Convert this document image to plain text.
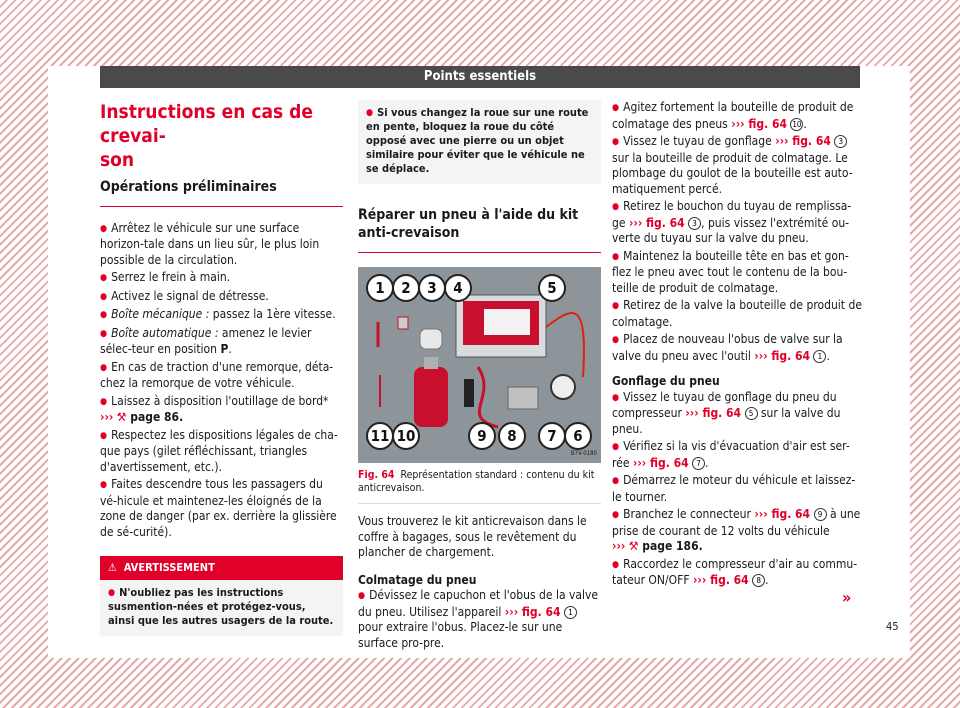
Points essentiels
Instructions en cas de crevai-
son
Opérations préliminaires

● Arrêtez le véhicule sur une surface horizon-tale dans un lieu sûr, le plus loin possible de la circulation.

● Serrez le frein à main.

● Activez le signal de détresse.

● Boîte mécanique : passez la 1ère vitesse.

● Boîte automatique : amenez le levier sélec-teur en position P.

● En cas de traction d'une remorque, déta-chez la remorque de votre véhicule.

● Laissez à disposition l'outillage de bord*
››› ⚒ page 86.

● Respectez les dispositions légales de cha-que pays (gilet réfléchissant, triangles d'avertissement, etc.).

● Faites descendre tous les passagers du vé-hicule et maintenez-les éloignés de la zone de danger (par ex. derrière la glissière de sé-curité).

⚠ AVERTISSEMENT

● N'oubliez pas les instructions susmention-nées et protégez-vous, ainsi que les autres usagers de la route.

● Si vous changez la roue sur une route en pente, bloquez la roue du côté opposé avec une pierre ou un objet similaire pour éviter que le véhicule ne se déplace.

Réparer un pneu à l'aide du kit anti-crevaison
1	2	3	4	5
11 10	9	8	7	6
B7V-0180
Fig. 64 Représentation standard : contenu du kit anticrevaison.

Vous trouverez le kit anticrevaison dans le coffre à bagages, sous le revêtement du plancher de chargement.

Colmatage du pneu

● Dévissez le capuchon et l'obus de la valve du pneu. Utilisez l'appareil ››› fig. 64 1 pour extraire l'obus. Placez-le sur une surface pro-pre.

● Agitez fortement la bouteille de produit de colmatage des pneus ››› fig. 64 10 .

● Vissez le tuyau de gonflage ››› fig. 64 3 sur la bouteille de produit de colmatage. Le plombage du goulot de la bouteille est auto-matiquement percé.

● Retirez le bouchon du tuyau de remplissa-ge ››› fig. 64 3 , puis vissez l'extrémité ou-verte du tuyau sur la valve du pneu.

● Maintenez la bouteille tête en bas et gon-flez le pneu avec tout le contenu de la bou-teille de produit de colmatage.

● Retirez de la valve la bouteille de produit de colmatage.

● Placez de nouveau l'obus de valve sur la valve du pneu avec l'outil ››› fig. 64 1 .

Gonflage du pneu

● Vissez le tuyau de gonflage du pneu du compresseur ››› fig. 64 5 sur la valve du pneu.

● Vérifiez si la vis d'évacuation d'air est ser-rée ››› fig. 64 7 .

● Démarrez le moteur du véhicule et laissez-le tourner.

● Branchez le connecteur ››› fig. 64 9 à une prise de courant de 12 volts du véhicule
››› ⚒ page 186.

● Raccordez le compresseur d'air au commu-tateur ON/OFF ››› fig. 64 8 .

»
45
